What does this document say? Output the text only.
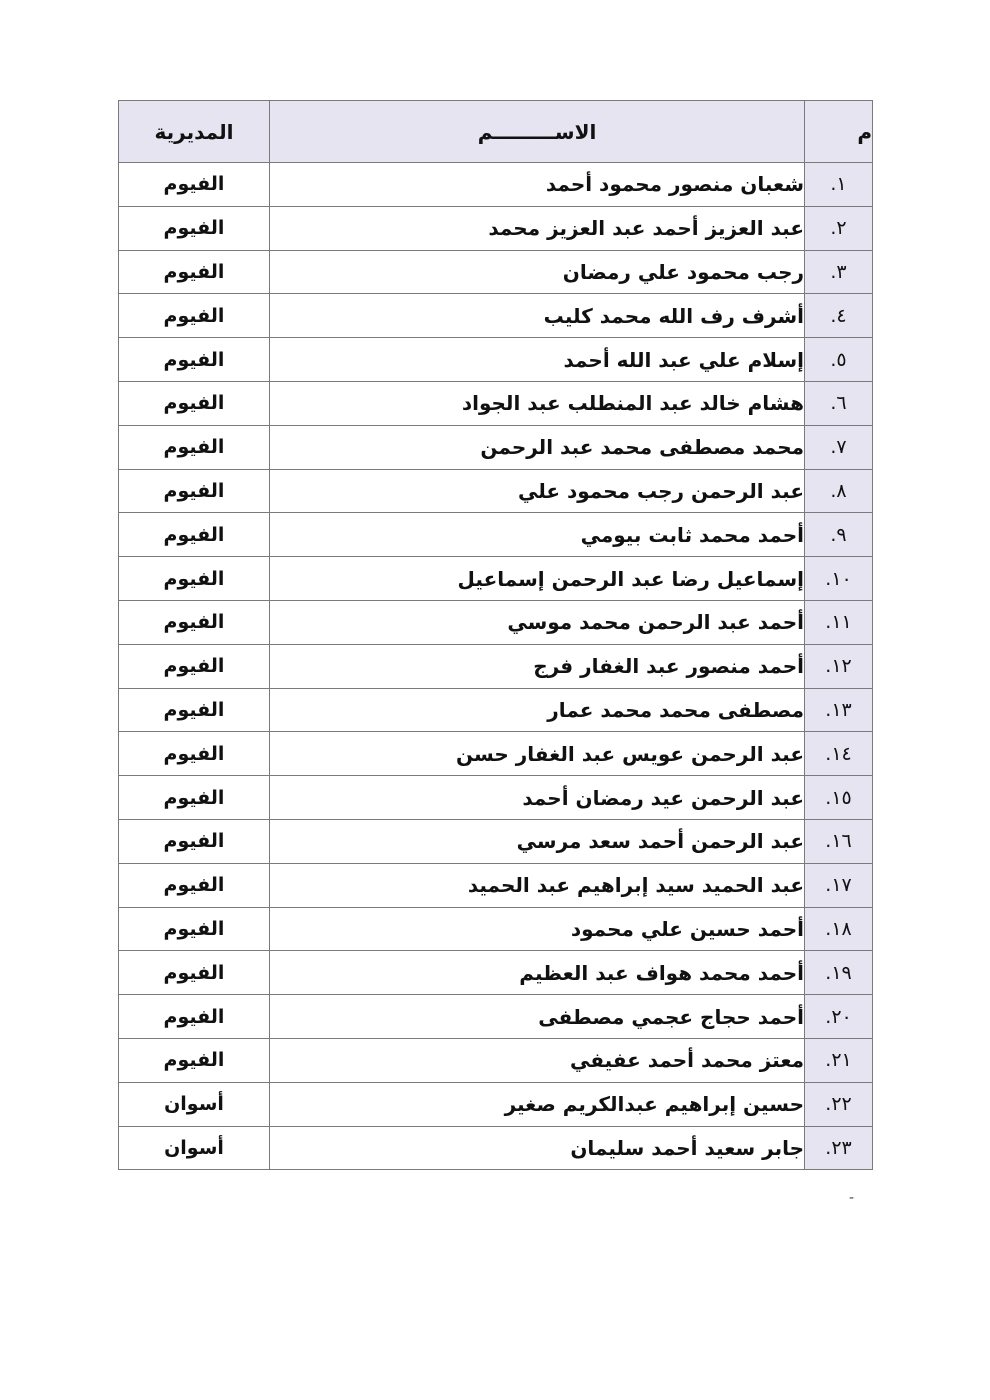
م	الاســـــــــم	المديرية
١.	شعبان منصور محمود أحمد	الفيوم
٢.	عبد العزيز أحمد عبد العزيز محمد	الفيوم
٣.	رجب محمود علي رمضان	الفيوم
٤.	أشرف رف الله محمد كليب	الفيوم
٥.	إسلام علي عبد الله أحمد	الفيوم
٦.	هشام خالد عبد المنطلب عبد الجواد	الفيوم
٧.	محمد مصطفى محمد عبد الرحمن	الفيوم
٨.	عبد الرحمن رجب محمود علي	الفيوم
٩.	أحمد محمد ثابت بيومي	الفيوم
١٠.	إسماعيل رضا عبد الرحمن إسماعيل	الفيوم
١١.	أحمد عبد الرحمن محمد موسي	الفيوم
١٢.	أحمد منصور عبد الغفار فرج	الفيوم
١٣.	مصطفى محمد محمد عمار	الفيوم
١٤.	عبد الرحمن عويس عبد الغفار حسن	الفيوم
١٥.	عبد الرحمن عيد رمضان أحمد	الفيوم
١٦.	عبد الرحمن أحمد سعد مرسي	الفيوم
١٧.	عبد الحميد سيد إبراهيم عبد الحميد	الفيوم
١٨.	أحمد حسين علي محمود	الفيوم
١٩.	أحمد محمد هواف عبد العظيم	الفيوم
٢٠.	أحمد حجاج عجمي مصطفى	الفيوم
٢١.	معتز محمد أحمد عفيفي	الفيوم
٢٢.	حسين إبراهيم عبدالكريم صغير	أسوان
٢٣.	جابر سعيد أحمد سليمان	أسوان
-
